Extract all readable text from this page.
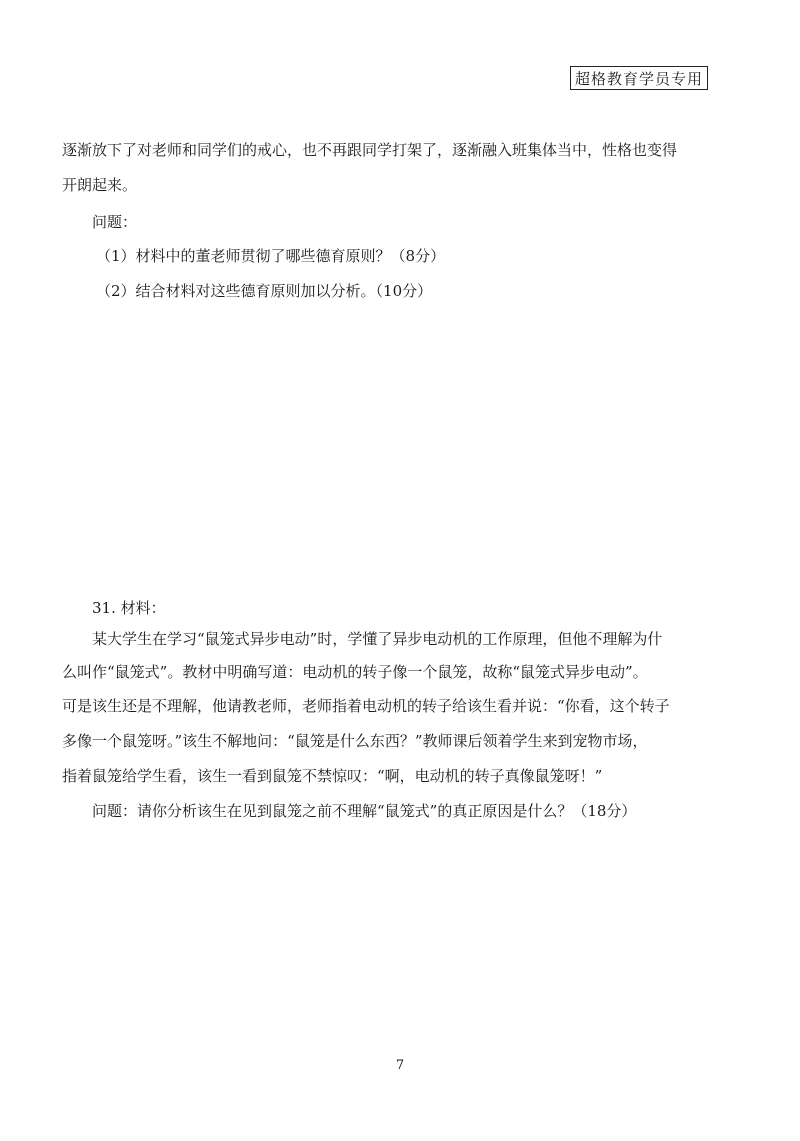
超格教育学员专用
逐渐放下了对老师和同学们的戒心，也不再跟同学打架了，逐渐融入班集体当中，性格也变得
开朗起来。
问题：
（1）材料中的董老师贯彻了哪些德育原则？（8分）
（2）结合材料对这些德育原则加以分析。（10分）
31. 材料：
某大学生在学习“鼠笼式异步电动”时，学懂了异步电动机的工作原理，但他不理解为什
么叫作“鼠笼式”。教材中明确写道：电动机的转子像一个鼠笼，故称“鼠笼式异步电动”。
可是该生还是不理解，他请教老师，老师指着电动机的转子给该生看并说：“你看，这个转子
多像一个鼠笼呀。”该生不解地问：“鼠笼是什么东西？”教师课后领着学生来到宠物市场，
指着鼠笼给学生看，该生一看到鼠笼不禁惊叹：“啊，电动机的转子真像鼠笼呀！”
问题：请你分析该生在见到鼠笼之前不理解“鼠笼式”的真正原因是什么？（18分）
7
